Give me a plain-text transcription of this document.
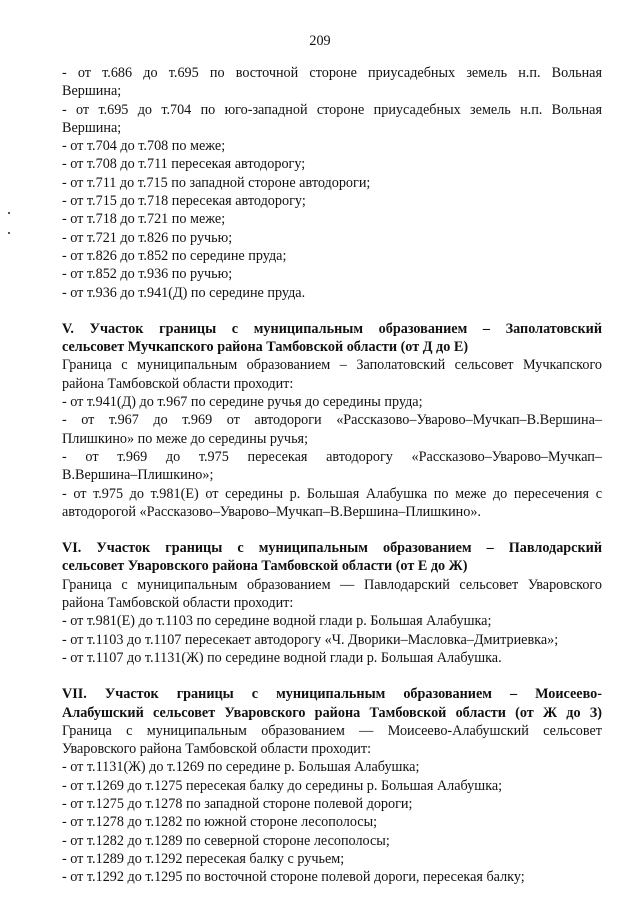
209
- от т.686 до т.695 по восточной стороне приусадебных земель н.п. Вольная
Вершина;
- от т.695 до т.704 по юго-западной стороне приусадебных земель н.п. Вольная
Вершина;
- от т.704 до т.708 по меже;
- от т.708 до т.711 пересекая автодорогу;
- от т.711 до т.715 по западной стороне автодороги;
- от т.715 до т.718 пересекая автодорогу;
- от т.718 до т.721 по меже;
- от т.721 до т.826 по ручью;
- от т.826 до т.852 по середине пруда;
- от т.852 до т.936 по ручью;
- от т.936 до т.941(Д) по середине пруда.
V. Участок границы с муниципальным образованием – Заполатовский
сельсовет Мучкапского района Тамбовской области (от Д до Е)
Граница с муниципальным образованием – Заполатовский сельсовет Мучкапского
района Тамбовской области проходит:
- от т.941(Д) до т.967 по середине ручья до середины пруда;
- от т.967 до т.969 от автодороги «Рассказово–Уварово–Мучкап–В.Вершина–
Плишкино» по меже до середины ручья;
- от т.969 до т.975 пересекая автодорогу «Рассказово–Уварово–Мучкап–
В.Вершина–Плишкино»;
- от т.975 до т.981(Е) от середины р. Большая Алабушка по меже до пересечения с
автодорогой «Рассказово–Уварово–Мучкап–В.Вершина–Плишкино».
VI. Участок границы с муниципальным образованием – Павлодарский
сельсовет Уваровского района Тамбовской области (от Е до Ж)
Граница с муниципальным образованием — Павлодарский сельсовет Уваровского
района Тамбовской области проходит:
- от т.981(Е) до т.1103 по середине водной глади р. Большая Алабушка;
- от т.1103 до т.1107 пересекает автодорогу «Ч. Дворики–Масловка–Дмитриевка»;
- от т.1107 до т.1131(Ж) по середине водной глади р. Большая Алабушка.
VII. Участок границы с муниципальным образованием – Моисеево-
Алабушский сельсовет Уваровского района Тамбовской области (от Ж до З)
Граница с муниципальным образованием — Моисеево-Алабушский сельсовет
Уваровского района Тамбовской области проходит:
- от т.1131(Ж) до т.1269 по середине р. Большая Алабушка;
- от т.1269 до т.1275 пересекая балку до середины р. Большая Алабушка;
- от т.1275 до т.1278 по западной стороне полевой дороги;
- от т.1278 до т.1282 по южной стороне лесополосы;
- от т.1282 до т.1289 по северной стороне лесополосы;
- от т.1289 до т.1292 пересекая балку с ручьем;
- от т.1292 до т.1295 по восточной стороне полевой дороги, пересекая балку;
